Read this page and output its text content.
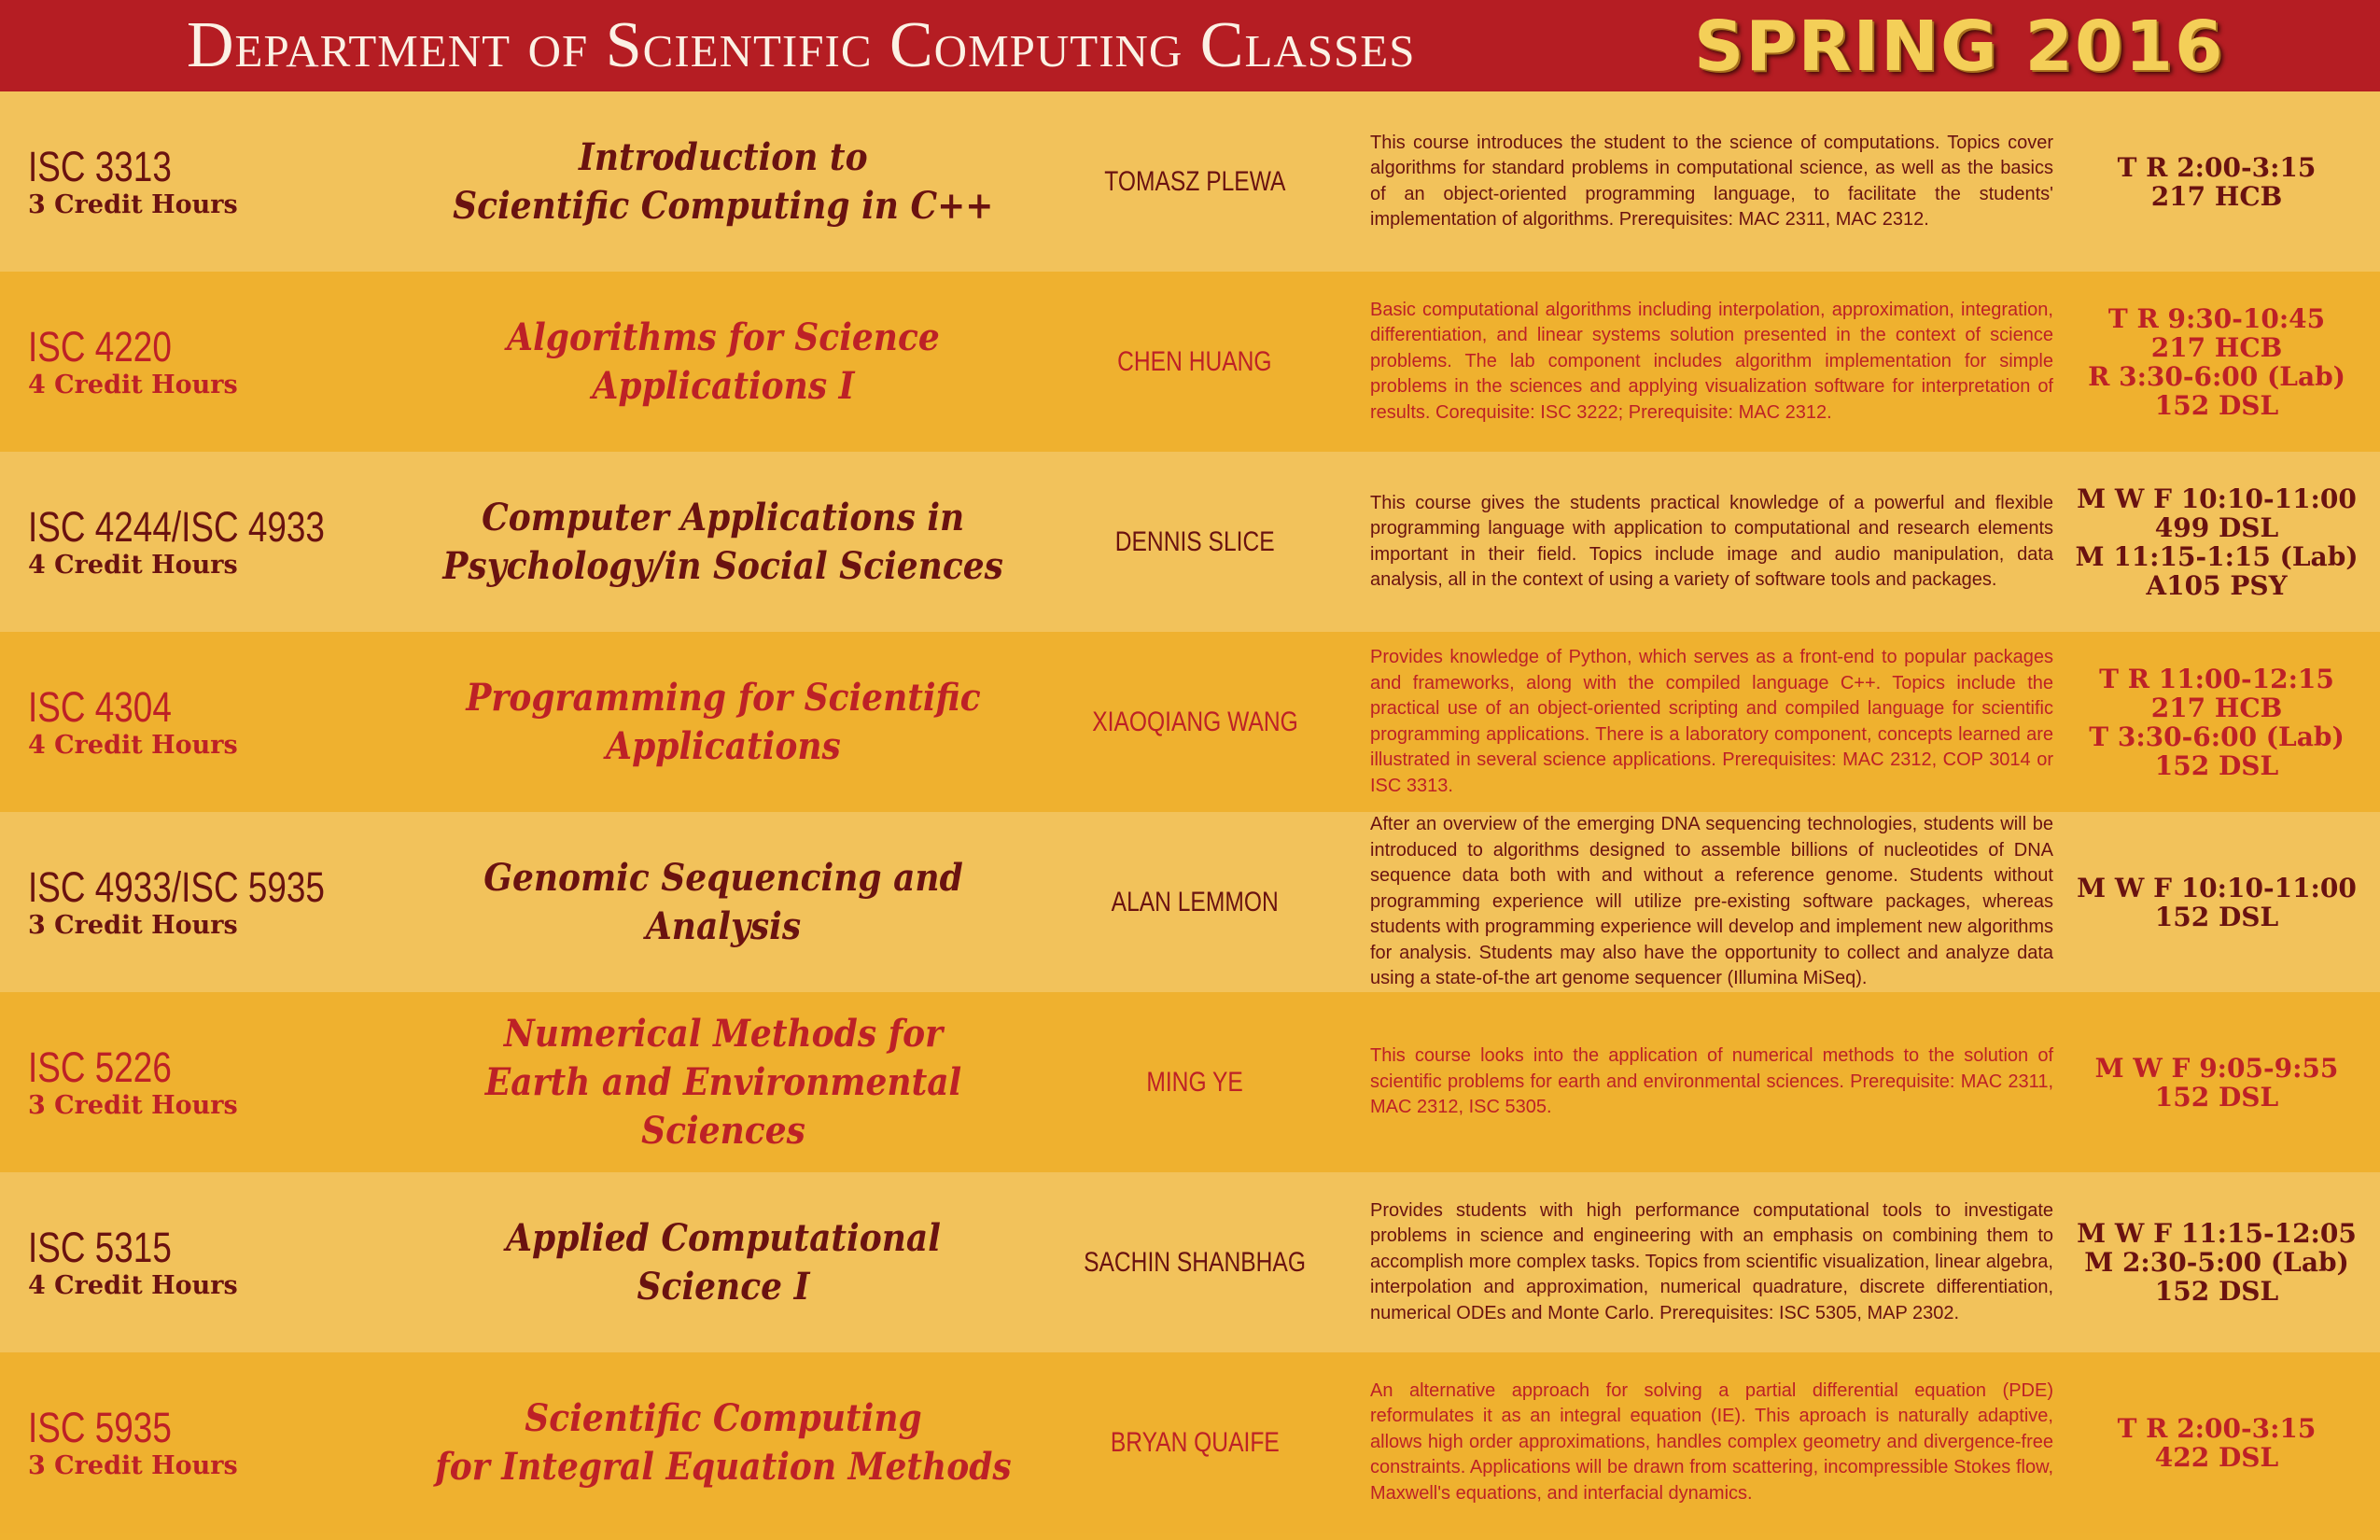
Department of Scientific Computing Classes	SPRING 2016
ISC 3313
3 Credit Hours
Introduction to
Scientific Computing in C++
TOMASZ PLEWA
This course introduces the student to the science of computations. Topics cover algorithms for standard problems in computational science, as well as the basics of an object-oriented programming language, to facilitate the students' implementation of algorithms. Prerequisites: MAC 2311, MAC 2312.
T R 2:00-3:15
217 HCB
ISC 4220
4 Credit Hours
Algorithms for Science Applications I
CHEN HUANG
Basic computational algorithms including interpolation, approximation, integration, differentiation, and linear systems solution presented in the context of science problems. The lab component includes algorithm implementation for simple problems in the sciences and applying visualization software for interpretation of results. Corequisite: ISC 3222; Prerequisite: MAC 2312.
T R 9:30-10:45
217 HCB
R 3:30-6:00 (Lab)
152 DSL
ISC 4244/ISC 4933
4 Credit Hours
Computer Applications in
Psychology/in Social Sciences
DENNIS SLICE
This course gives the students practical knowledge of a powerful and flexible programming language with application to computational and research elements important in their field. Topics include image and audio manipulation, data analysis, all in the context of using a variety of software tools and packages.
M W F 10:10-11:00
499 DSL
M 11:15-1:15 (Lab)
A105 PSY
ISC 4304
4 Credit Hours
Programming for Scientific Applications
XIAOQIANG WANG
Provides knowledge of Python, which serves as a front-end to popular packages and frameworks, along with the compiled language C++. Topics include the practical use of an object-oriented scripting and compiled language for scientific programming applications. There is a laboratory component, concepts learned are illustrated in several science applications. Prerequisites: MAC 2312, COP 3014 or ISC 3313.
T R 11:00-12:15
217 HCB
T 3:30-6:00 (Lab)
152 DSL
ISC 4933/ISC 5935
3 Credit Hours
Genomic Sequencing and Analysis
ALAN LEMMON
After an overview of the emerging DNA sequencing technologies, students will be introduced to algorithms designed to assemble billions of nucleotides of DNA sequence data both with and without a reference genome. Students without programming experience will utilize pre-existing software packages, whereas students with programming experience will develop and implement new algorithms for analysis. Students may also have the opportunity to collect and analyze data using a state-of-the art genome sequencer (Illumina MiSeq).
M W F 10:10-11:00
152 DSL
ISC 5226
3 Credit Hours
Numerical Methods for
Earth and Environmental Sciences
MING YE
This course looks into the application of numerical methods to the solution of scientific problems for earth and environmental sciences. Prerequisite: MAC 2311, MAC 2312, ISC 5305.
M W F 9:05-9:55
152 DSL
ISC 5315
4 Credit Hours
Applied Computational Science I
SACHIN SHANBHAG
Provides students with high performance computational tools to investigate problems in science and engineering with an emphasis on combining them to accomplish more complex tasks. Topics from scientific visualization, linear algebra, interpolation and approximation, numerical quadrature, discrete differentiation, numerical ODEs and Monte Carlo. Prerequisites: ISC 5305, MAP 2302.
M W F 11:15-12:05
M 2:30-5:00 (Lab)
152 DSL
ISC 5935
3 Credit Hours
Scientific Computing
for Integral Equation Methods
BRYAN QUAIFE
An alternative approach for solving a partial differential equation (PDE) reformulates it as an integral equation (IE). This aproach is naturally adaptive, allows high order approximations, handles complex geometry and divergence-free constraints. Applications will be drawn from scattering, incompressible Stokes flow, Maxwell's equations, and interfacial dynamics.
T R 2:00-3:15
422 DSL
